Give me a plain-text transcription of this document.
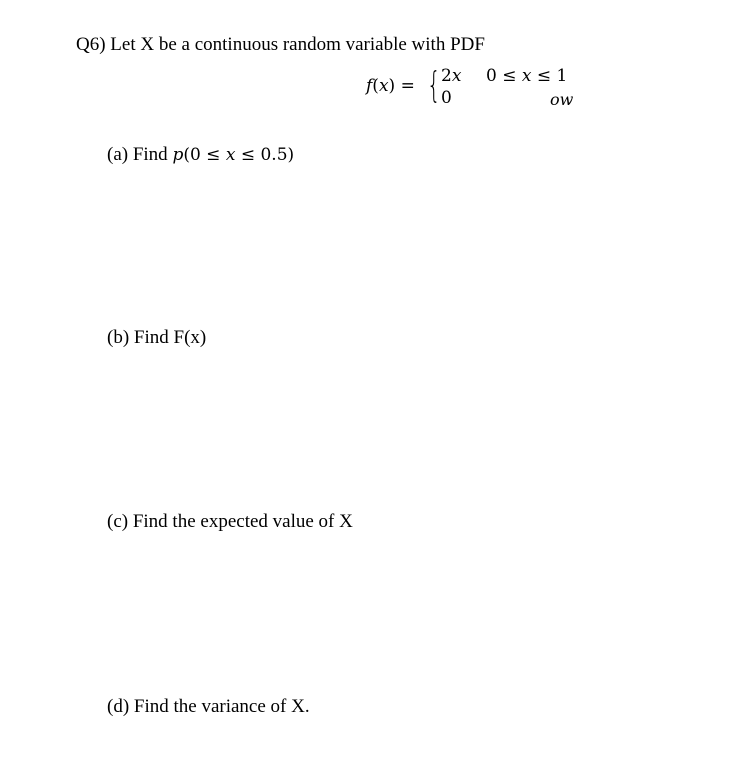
Q6) Let X be a continuous random variable with PDF
f(x) = { 2x 0 ≤ x ≤ 1
0	ow
(a) Find p(0 ≤ x ≤ 0.5)
(b) Find F(x)
(c) Find the expected value of X
(d) Find the variance of X.
